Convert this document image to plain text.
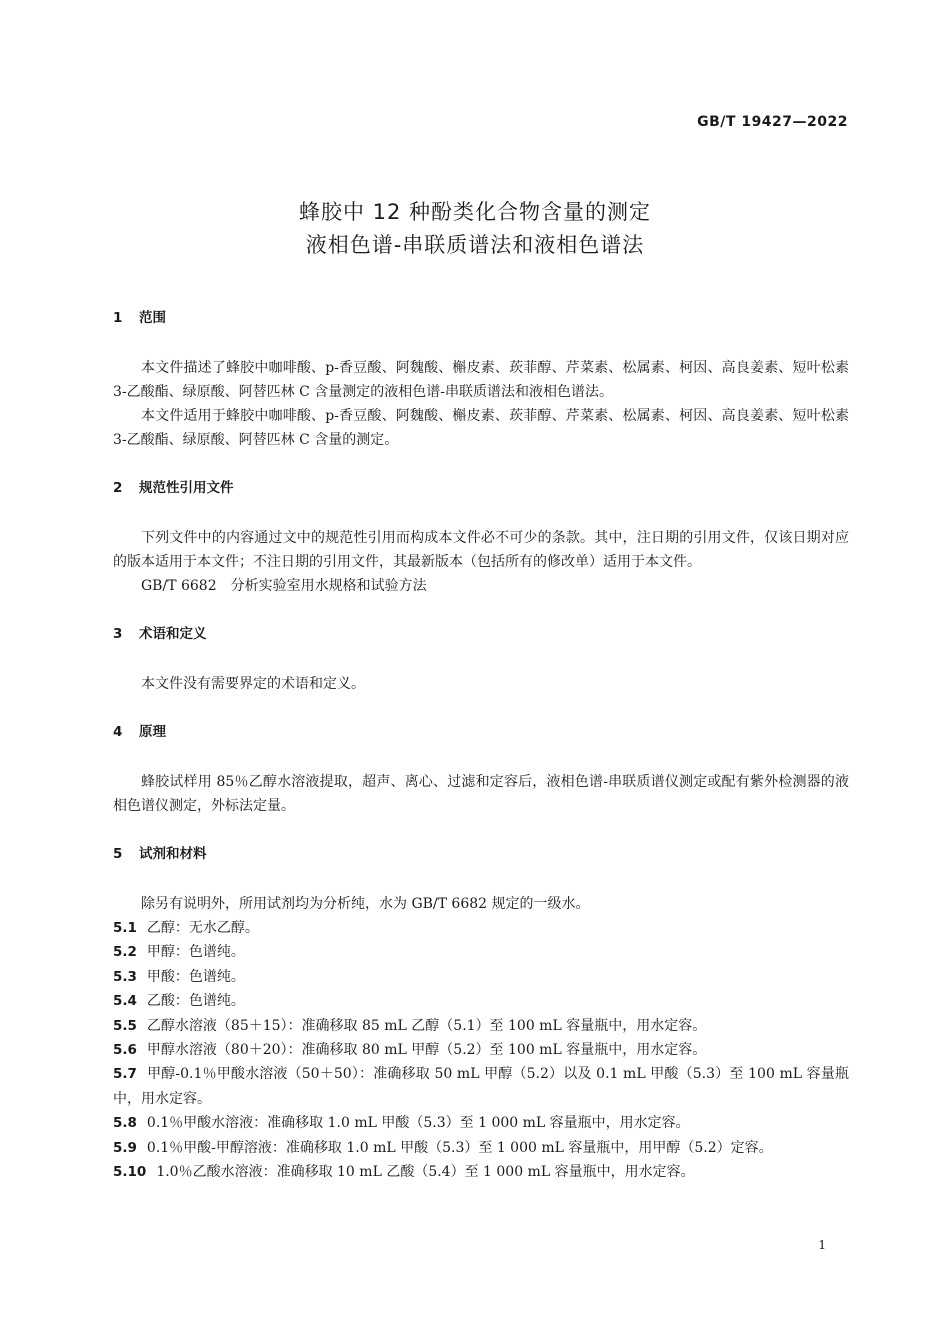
GB/T 19427—2022
蜂胶中 12 种酚类化合物含量的测定
液相色谱-串联质谱法和液相色谱法
1 范围
本文件描述了蜂胶中咖啡酸、p-香豆酸、阿魏酸、槲皮素、莰菲醇、芹菜素、松属素、柯因、高良姜素、短叶松素 3-乙酸酯、绿原酸、阿替匹林 C 含量测定的液相色谱-串联质谱法和液相色谱法。
本文件适用于蜂胶中咖啡酸、p-香豆酸、阿魏酸、槲皮素、莰菲醇、芹菜素、松属素、柯因、高良姜素、短叶松素 3-乙酸酯、绿原酸、阿替匹林 C 含量的测定。
2 规范性引用文件
下列文件中的内容通过文中的规范性引用而构成本文件必不可少的条款。其中，注日期的引用文件，仅该日期对应的版本适用于本文件；不注日期的引用文件，其最新版本（包括所有的修改单）适用于本文件。
GB/T 6682　分析实验室用水规格和试验方法
3 术语和定义
本文件没有需要界定的术语和定义。
4 原理
蜂胶试样用 85％乙醇水溶液提取，超声、离心、过滤和定容后，液相色谱-串联质谱仪测定或配有紫外检测器的液相色谱仪测定，外标法定量。
5 试剂和材料
除另有说明外，所用试剂均为分析纯，水为 GB/T 6682 规定的一级水。
5.1 乙醇：无水乙醇。
5.2 甲醇：色谱纯。
5.3 甲酸：色谱纯。
5.4 乙酸：色谱纯。
5.5 乙醇水溶液（85＋15）：准确移取 85 mL 乙醇（5.1）至 100 mL 容量瓶中，用水定容。
5.6 甲醇水溶液（80＋20）：准确移取 80 mL 甲醇（5.2）至 100 mL 容量瓶中，用水定容。
5.7 甲醇-0.1％甲酸水溶液（50＋50）：准确移取 50 mL 甲醇（5.2）以及 0.1 mL 甲酸（5.3）至 100 mL 容量瓶中，用水定容。
5.8 0.1％甲酸水溶液：准确移取 1.0 mL 甲酸（5.3）至 1 000 mL 容量瓶中，用水定容。
5.9 0.1％甲酸-甲醇溶液：准确移取 1.0 mL 甲酸（5.3）至 1 000 mL 容量瓶中，用甲醇（5.2）定容。
5.10 1.0％乙酸水溶液：准确移取 10 mL 乙酸（5.4）至 1 000 mL 容量瓶中，用水定容。
1
